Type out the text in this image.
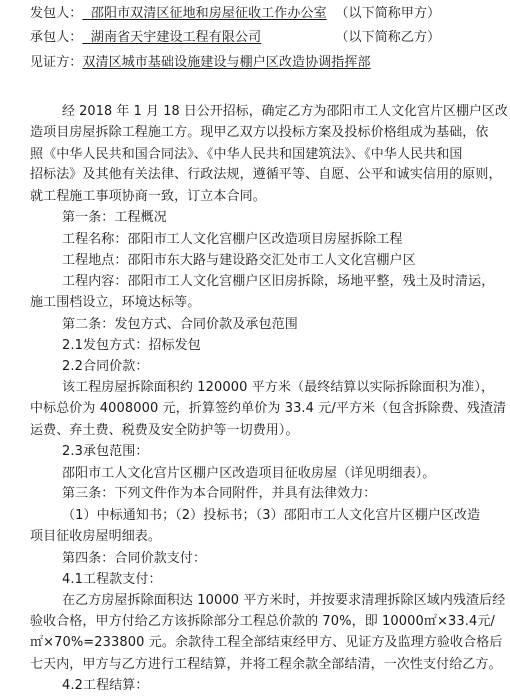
发包人： 邵阳市双清区征地和房屋征收工作办公室 （以下简称甲方）
承包人： 湖南省天宇建设工程有限公司	（以下简称乙方）
见证方：双清区城市基础设施建设与棚户区改造协调指挥部
经 2018 年 1 月 18 日公开招标，确定乙方为邵阳市工人文化宫片区棚户区改
造项目房屋拆除工程施工方。现甲乙双方以投标方案及投标价格组成为基础，依
照《中华人民共和国合同法》、《中华人民共和国建筑法》、《中华人民共和国
招标法》及其他有关法律、行政法规，遵循平等、自愿、公平和诚实信用的原则，
就工程施工事项协商一致，订立本合同。
第一条：工程概况
工程名称：邵阳市工人文化宫棚户区改造项目房屋拆除工程
工程地点：邵阳市东大路与建设路交汇处市工人文化宫棚户区
工程内容：邵阳市工人文化宫棚户区旧房拆除，场地平整，残土及时清运，
施工围档设立，环境达标等。
第二条：发包方式、合同价款及承包范围
2.1发包方式：招标发包
2.2合同价款：
该工程房屋拆除面积约 120000 平方米（最终结算以实际拆除面积为准），
中标总价为 4008000 元，折算签约单价为 33.4 元/平方米（包含拆除费、残渣清
运费、弃土费、税费及安全防护等一切费用）。
2.3承包范围：
邵阳市工人文化宫片区棚户区改造项目征收房屋（详见明细表）。
第三条：下列文件作为本合同附件，并具有法律效力：
（1）中标通知书；（2）投标书；（3）邵阳市工人文化宫片区棚户区改造
项目征收房屋明细表。
第四条：合同价款支付：
4.1工程款支付：
在乙方房屋拆除面积达 10000 平方米时，并按要求清理拆除区域内残渣后经
验收合格，甲方付给乙方该拆除部分工程总价款的 70%，即 10000㎡×33.4元/
㎡×70%=233800 元。余款待工程全部结束经甲方、见证方及监理方验收合格后
七天内，甲方与乙方进行工程结算，并将工程余款全部结清，一次性支付给乙方。
4.2工程结算：
